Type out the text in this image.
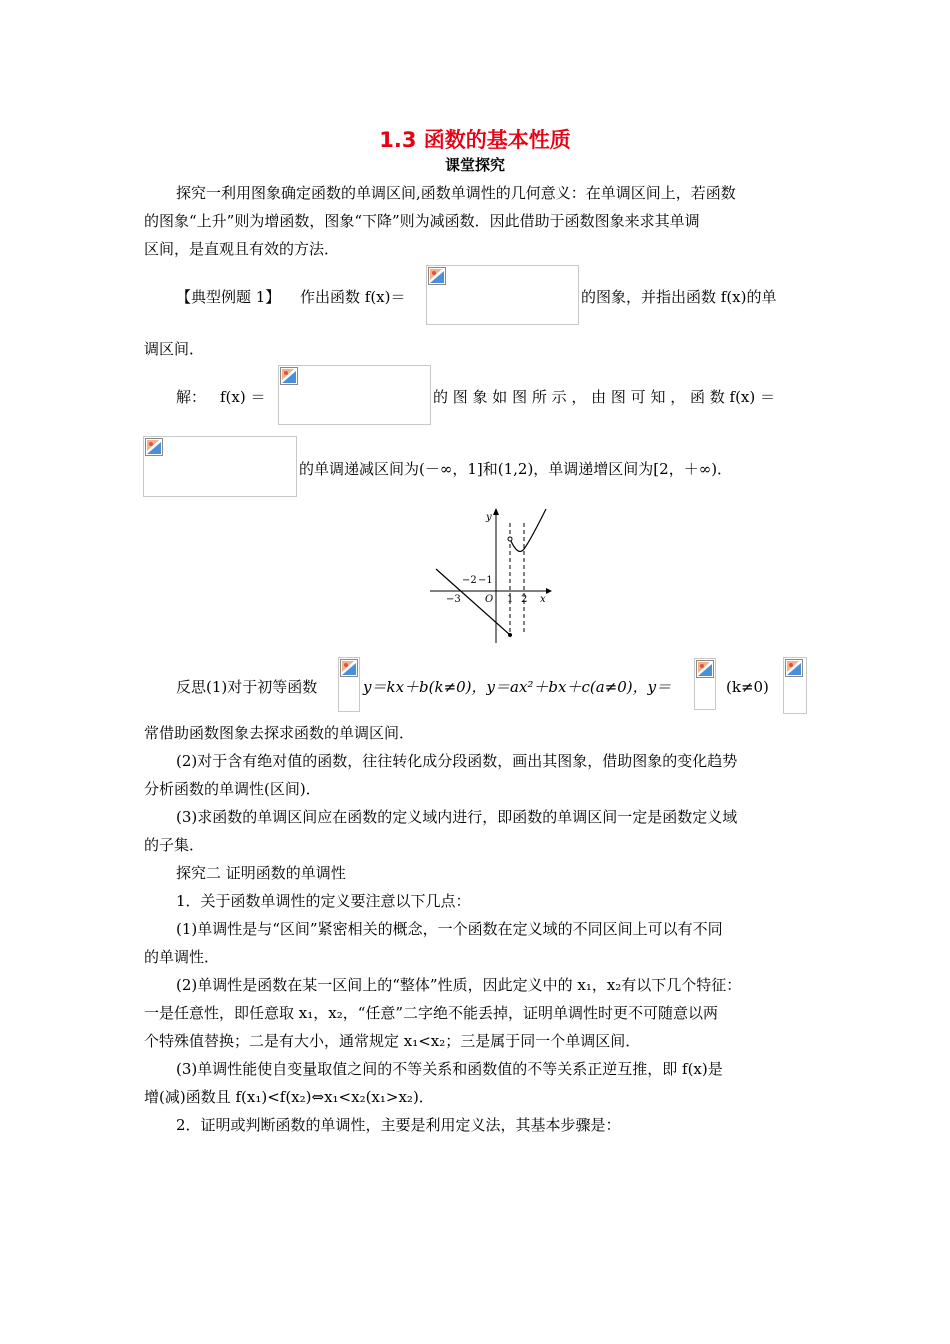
1.3 函数的基本性质
课堂探究
探究一利用图象确定函数的单调区间,函数单调性的几何意义：在单调区间上，若函数
的图象“上升”则为增函数，图象“下降”则为减函数．因此借助于函数图象来求其单调
区间，是直观且有效的方法．
【典型例题 1】 作出函数 f(x)＝	的图象，并指出函数 f(x)的单
调区间．
解： f(x) ＝	的 图 象 如 图 所 示 ， 由 图 可 知 ， 函 数 f(x) ＝
的单调递减区间为(－∞，1]和(1,2)，单调递增区间为[2，＋∞)．
y
x
O
−3
−2 −1
1 2
反思(1)对于初等函数	y＝kx＋b(k≠0)，y＝ax²＋bx＋c(a≠0)，y＝	(k≠0)
常借助函数图象去探求函数的单调区间．
(2)对于含有绝对值的函数，往往转化成分段函数，画出其图象，借助图象的变化趋势
分析函数的单调性(区间)．
(3)求函数的单调区间应在函数的定义域内进行，即函数的单调区间一定是函数定义域
的子集．
探究二 证明函数的单调性
1．关于函数单调性的定义要注意以下几点：
(1)单调性是与“区间”紧密相关的概念，一个函数在定义域的不同区间上可以有不同
的单调性．
(2)单调性是函数在某一区间上的“整体”性质，因此定义中的 x₁，x₂有以下几个特征：
一是任意性，即任意取 x₁，x₂，“任意”二字绝不能丢掉，证明单调性时更不可随意以两
个特殊值替换；二是有大小，通常规定 x₁<x₂；三是属于同一个单调区间．
(3)单调性能使自变量取值之间的不等关系和函数值的不等关系正逆互推，即 f(x)是
增(减)函数且 f(x₁)<f(x₂)⇔x₁<x₂(x₁>x₂)．
2．证明或判断函数的单调性，主要是利用定义法，其基本步骤是：
